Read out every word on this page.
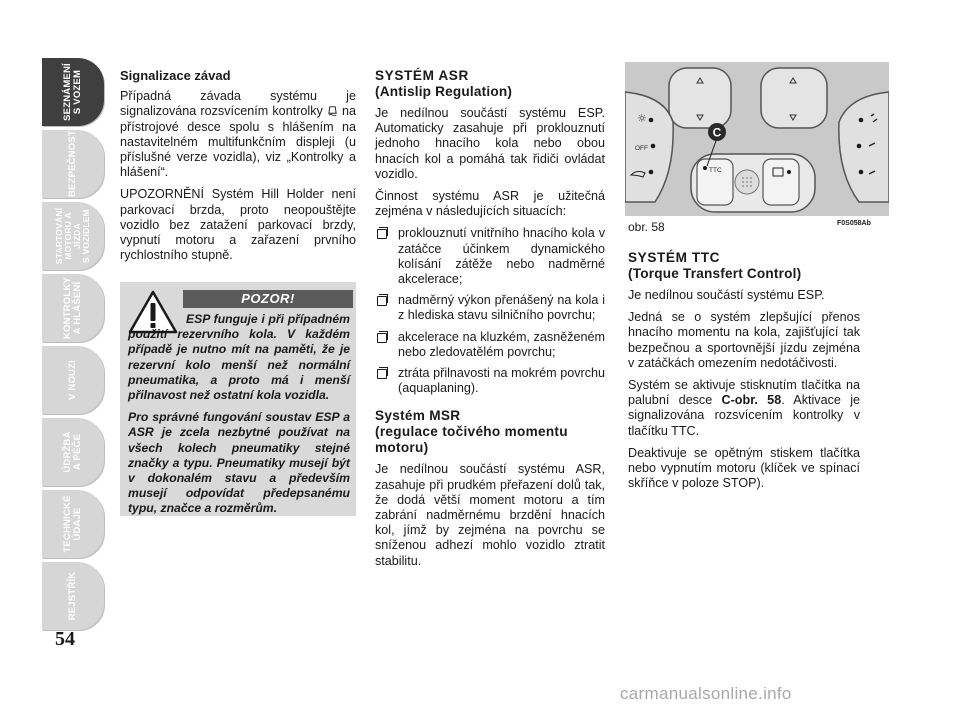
SEZNÁMENÍ
S VOZEM
BEZPEČNOST
STARTOVÁNÍ
MOTORU A JÍZDA
S VOZIDLEM
KONTROLKY
A HLÁŠENÍ
V NOUZI
ÚDRŽBA
A PÉČE
TECHNICKÉ
ÚDAJE
REJSTŘÍK
54
Signalizace závad

Případná závada systému je signalizována rozsvícením kontrolky na přístrojové desce spolu s hlášením na nastavitelném multifunkčním displeji (u příslušné verze vozidla), viz „Kontrolky a hlášení“.

UPOZORNĚNÍ Systém Hill Holder není parkovací brzda, proto neopouštějte vozidlo bez zatažení parkovací brzdy, vypnutí motoru a zařazení prvního rychlostního stupně.

POZOR!

ESP funguje i při případném použití rezervního kola. V každém případě je nutno mít na paměti, že je rezervní kolo menší než normální pneumatika, a proto má i menší přilnavost než ostatní kola vozidla.

Pro správné fungování soustav ESP a ASR je zcela nezbytné používat na všech kolech pneumatiky stejné značky a typu. Pneumatiky musejí být v dokonalém stavu a především musejí odpovídat předepsanému typu, značce a rozměrům.

SYSTÉM ASR
(Antislip Regulation)

Je nedílnou součástí systému ESP. Automaticky zasahuje při proklouznutí jednoho hnacího kola nebo obou hnacích kol a pomáhá tak řidiči ovládat vozidlo.

Činnost systému ASR je užitečná zejména v následujících situacích:

proklouznutí vnitřního hnacího kola v zatáčce účinkem dynamického kolísání zátěže nebo nadměrné akcelerace;
nadměrný výkon přenášený na kola i z hlediska stavu silničního povrchu;
akcelerace na kluzkém, zasněženém nebo zledovatělém povrchu;
ztráta přilnavosti na mokrém povrchu (aquaplaning).
Systém MSR
(regulace točivého momentu motoru)

Je nedílnou součástí systému ASR, zasahuje při prudkém přeřazení dolů tak, že dodá větší moment motoru a tím zabrání nadměrnému brzdění hnacích kol, jímž by zejména na povrchu se sníženou adhezí mohlo vozidlo ztratit stabilitu.

☼
OFF
TTC
C
obr. 58	F0S058Ab
SYSTÉM TTC
(Torque Transfert Control)

Je nedílnou součástí systému ESP.

Jedná se o systém zlepšující přenos hnacího momentu na kola, zajišťující tak bezpečnou a sportovnější jízdu zejména v zatáčkách omezením nedotáčivosti.

Systém se aktivuje stisknutím tlačítka na palubní desce C-obr. 58. Aktivace je signalizována rozsvícením kontrolky v tlačítku TTC.

Deaktivuje se opětným stiskem tlačítka nebo vypnutím motoru (klíček ve spínací skříňce v poloze STOP).

carmanualsonline.info
